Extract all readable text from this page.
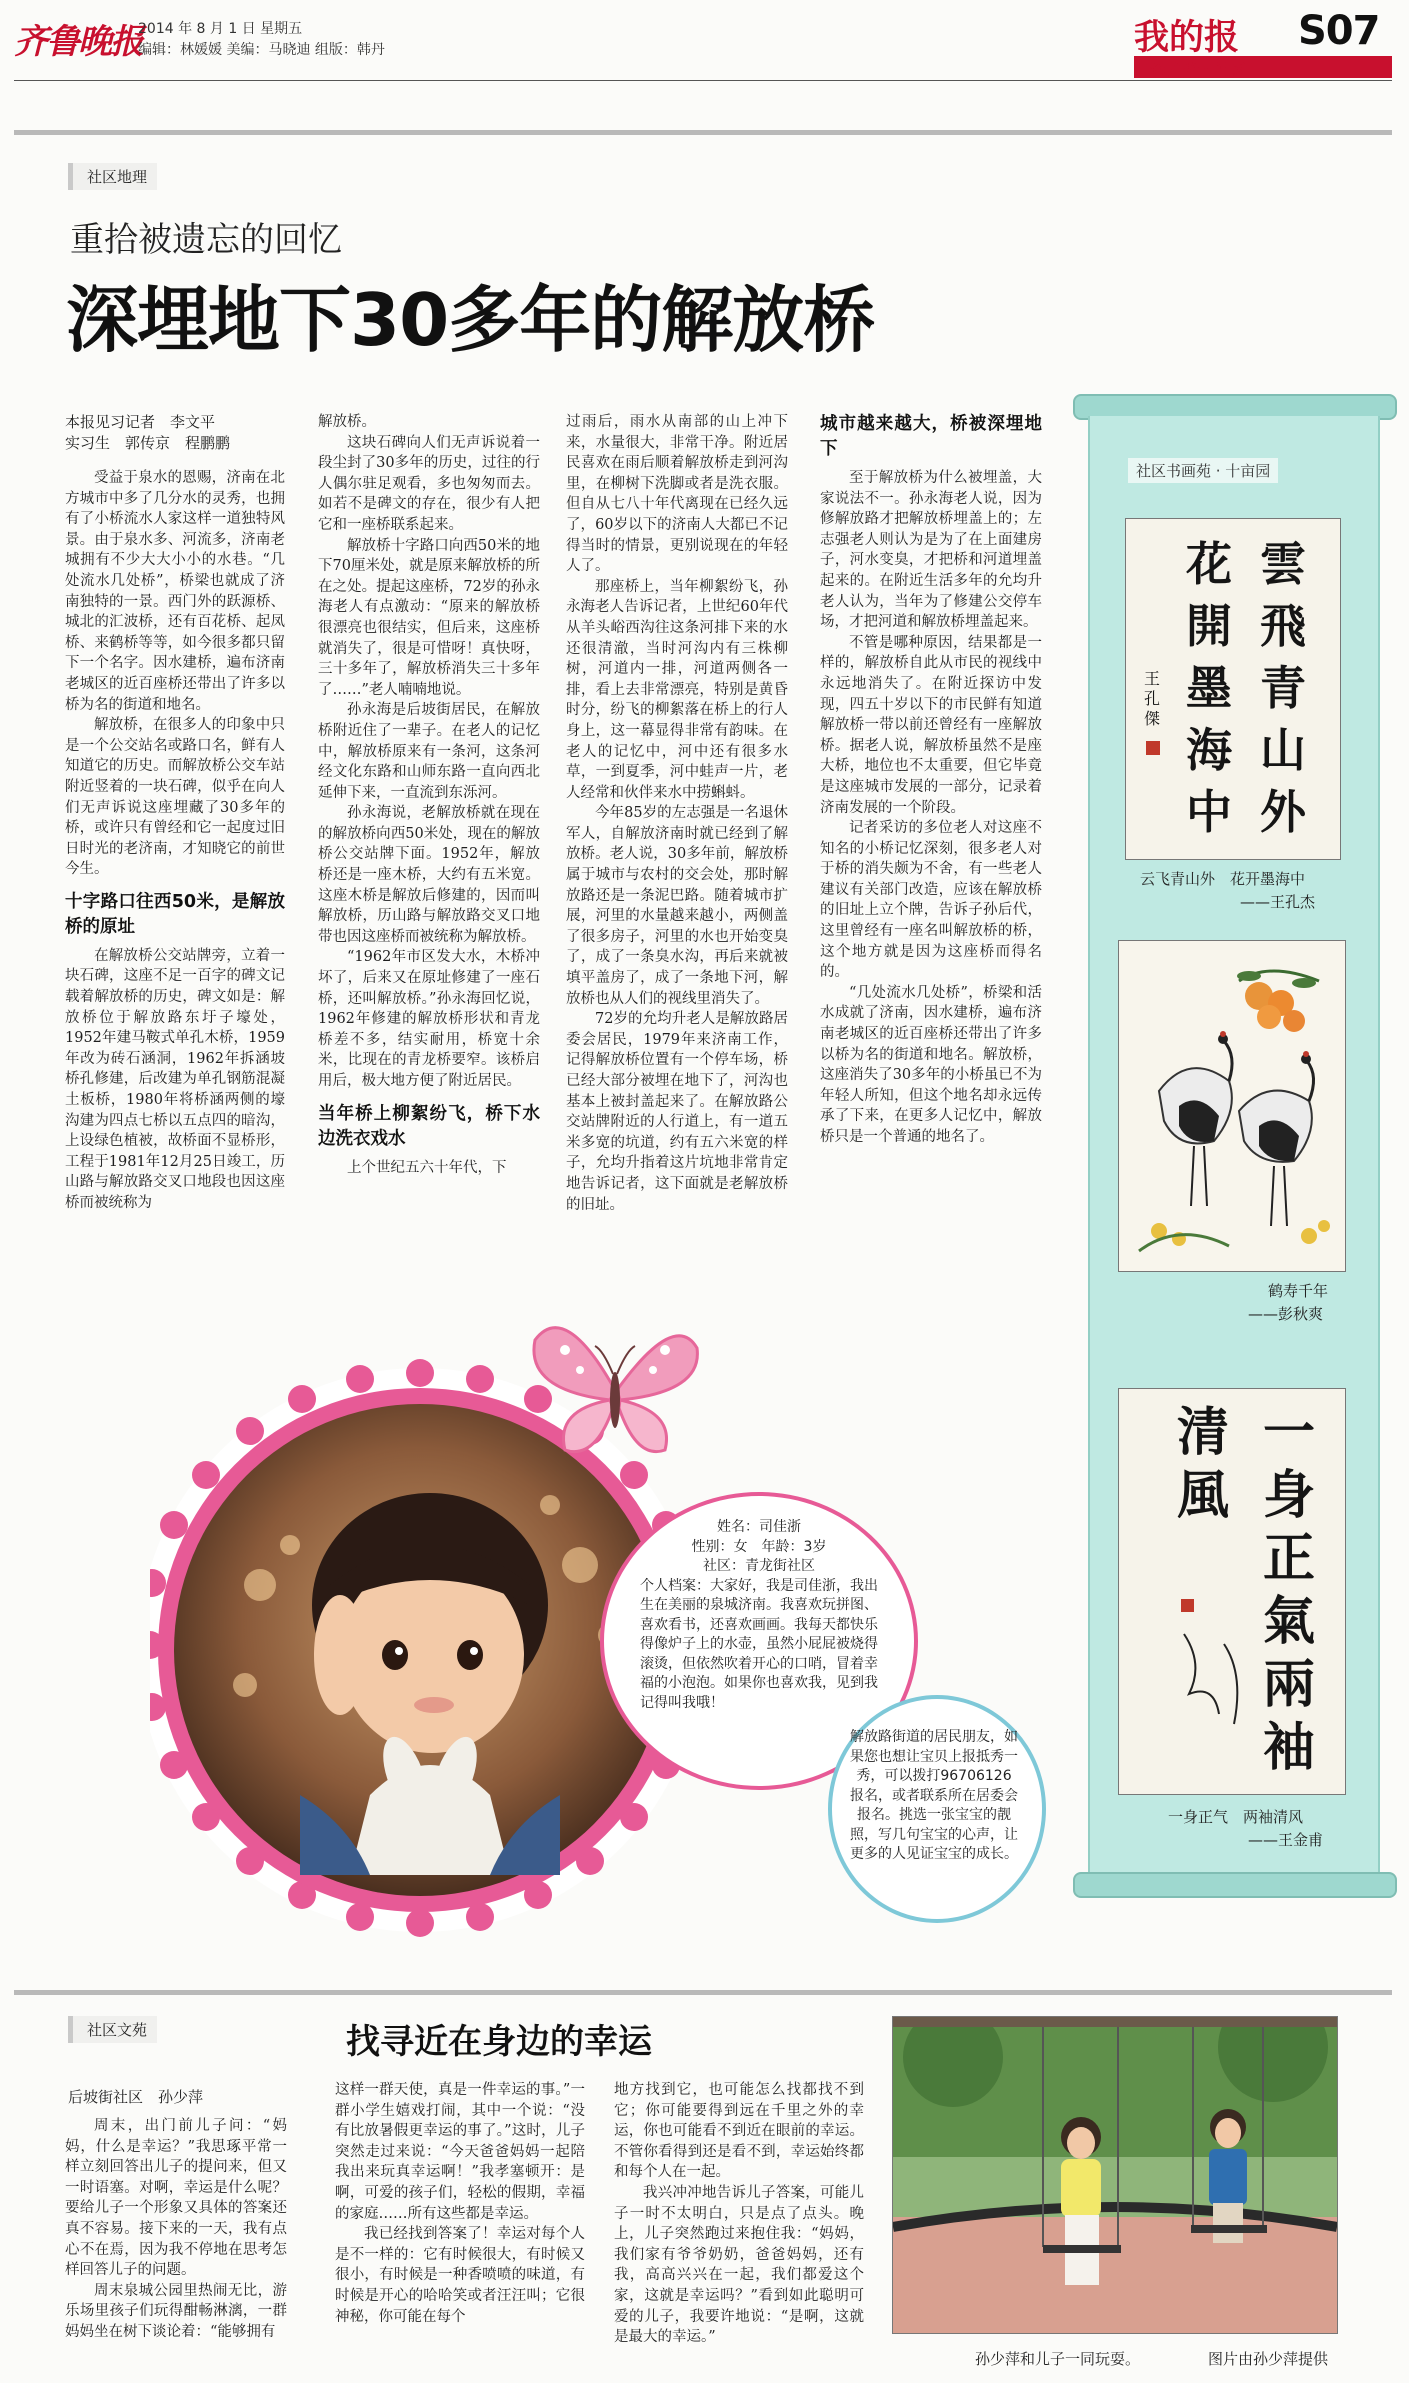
齐鲁晚报
2014 年 8 月 1 日 星期五
编辑：林媛媛 美编：马晓迪 组版：韩丹	我的报 S07
解放路大社区
社区地理
重拾被遗忘的回忆
深埋地下30多年的解放桥
本报见习记者　李文平
实习生　郭传京　程鹏鹏

受益于泉水的恩赐，济南在北方城市中多了几分水的灵秀，也拥有了小桥流水人家这样一道独特风景。由于泉水多、河流多，济南老城拥有不少大大小小的水巷。“几处流水几处桥”，桥梁也就成了济南独特的一景。西门外的跃源桥、城北的汇波桥，还有百花桥、起凤桥、来鹤桥等等，如今很多都只留下一个名字。因水建桥，遍布济南老城区的近百座桥还带出了许多以桥为名的街道和地名。

解放桥，在很多人的印象中只是一个公交站名或路口名，鲜有人知道它的历史。而解放桥公交车站附近竖着的一块石碑，似乎在向人们无声诉说这座埋藏了30多年的桥，或许只有曾经和它一起度过旧日时光的老济南，才知晓它的前世今生。

十字路口往西50米，是解放桥的原址

在解放桥公交站牌旁，立着一块石碑，这座不足一百字的碑文记载着解放桥的历史，碑文如是：解放桥位于解放路东圩子壕处，1952年建马鞍式单孔木桥，1959年改为砖石涵洞，1962年拆涵坡桥孔修建，后改建为单孔钢筋混凝土板桥，1980年将桥涵两侧的壕沟建为四点七桥以五点四的暗沟，上设绿色植被，故桥面不显桥形，工程于1981年12月25日竣工，历山路与解放路交叉口地段也因这座桥而被统称为

解放桥。

这块石碑向人们无声诉说着一段尘封了30多年的历史，过往的行人偶尔驻足观看，多也匆匆而去。如若不是碑文的存在，很少有人把它和一座桥联系起来。

解放桥十字路口向西50米的地下70厘米处，就是原来解放桥的所在之处。提起这座桥，72岁的孙永海老人有点激动：“原来的解放桥很漂亮也很结实，但后来，这座桥就消失了，很是可惜呀！真快呀，三十多年了，解放桥消失三十多年了……”老人喃喃地说。

孙永海是后坡街居民，在解放桥附近住了一辈子。在老人的记忆中，解放桥原来有一条河，这条河经文化东路和山师东路一直向西北延伸下来，一直流到东泺河。

孙永海说，老解放桥就在现在的解放桥向西50米处，现在的解放桥公交站牌下面。1952年，解放桥还是一座木桥，大约有五米宽。这座木桥是解放后修建的，因而叫解放桥，历山路与解放路交叉口地带也因这座桥而被统称为解放桥。

“1962年市区发大水，木桥冲坏了，后来又在原址修建了一座石桥，还叫解放桥。”孙永海回忆说，1962年修建的解放桥形状和青龙桥差不多，结实耐用，桥宽十余米，比现在的青龙桥要窄。该桥启用后，极大地方便了附近居民。

当年桥上柳絮纷飞，桥下水边洗衣戏水

上个世纪五六十年代，下

过雨后，雨水从南部的山上冲下来，水量很大，非常干净。附近居民喜欢在雨后顺着解放桥走到河沟里，在柳树下洗脚或者是洗衣服。但自从七八十年代离现在已经久远了，60岁以下的济南人大都已不记得当时的情景，更别说现在的年轻人了。

那座桥上，当年柳絮纷飞，孙永海老人告诉记者，上世纪60年代从羊头峪西沟往这条河排下来的水还很清澈，当时河沟内有三株柳树，河道内一排，河道两侧各一排，看上去非常漂亮，特别是黄昏时分，纷飞的柳絮落在桥上的行人身上，这一幕显得非常有韵味。在老人的记忆中，河中还有很多水草，一到夏季，河中蛙声一片，老人经常和伙伴来水中捞蝌蚪。

今年85岁的左志强是一名退休军人，自解放济南时就已经到了解放桥。老人说，30多年前，解放桥属于城市与农村的交会处，那时解放路还是一条泥巴路。随着城市扩展，河里的水量越来越小，两侧盖了很多房子，河里的水也开始变臭了，成了一条臭水沟，再后来就被填平盖房了，成了一条地下河，解放桥也从人们的视线里消失了。

72岁的允均升老人是解放路居委会居民，1979年来济南工作，记得解放桥位置有一个停车场，桥已经大部分被埋在地下了，河沟也基本上被封盖起来了。在解放路公交站牌附近的人行道上，有一道五米多宽的坑道，约有五六米宽的样子，允均升指着这片坑地非常肯定地告诉记者，这下面就是老解放桥的旧址。

城市越来越大，桥被深埋地下

至于解放桥为什么被埋盖，大家说法不一。孙永海老人说，因为修解放路才把解放桥埋盖上的；左志强老人则认为是为了在上面建房子，河水变臭，才把桥和河道埋盖起来的。在附近生活多年的允均升老人认为，当年为了修建公交停车场，才把河道和解放桥埋盖起来。

不管是哪种原因，结果都是一样的，解放桥自此从市民的视线中永远地消失了。在附近探访中发现，四五十岁以下的市民鲜有知道解放桥一带以前还曾经有一座解放桥。据老人说，解放桥虽然不是座大桥，地位也不太重要，但它毕竟是这座城市发展的一部分，记录着济南发展的一个阶段。

记者采访的多位老人对这座不知名的小桥记忆深刻，很多老人对于桥的消失颇为不舍，有一些老人建议有关部门改造，应该在解放桥的旧址上立个牌，告诉子孙后代，这里曾经有一座名叫解放桥的桥，这个地方就是因为这座桥而得名的。

“几处流水几处桥”，桥梁和活水成就了济南，因水建桥，遍布济南老城区的近百座桥还带出了许多以桥为名的街道和地名。解放桥，这座消失了30多年的小桥虽已不为年轻人所知，但这个地名却永远传承了下来，在更多人记忆中，解放桥只是一个普通的地名了。

社区书画苑 · 十亩园
雲飛青山外
花開墨海中
王孔傑
云飞青山外　花开墨海中
——王孔杰
鹤寿千年
——彭秋爽
一身正氣兩袖
清風
一身正气　两袖清风
——王金甫
姓名：司佳浙
性别：女　年龄：3岁
社区：青龙街社区
个人档案：大家好，我是司佳浙，我出生在美丽的泉城济南。我喜欢玩拼图、喜欢看书，还喜欢画画。我每天都快乐得像炉子上的水壶，虽然小屁屁被烧得滚烫，但依然吹着开心的口哨，冒着幸福的小泡泡。如果你也喜欢我，见到我记得叫我哦！
解放路街道的居民朋友，如果您也想让宝贝上报抵秀一秀，可以拨打96706126报名，或者联系所在居委会报名。挑选一张宝宝的靓照，写几句宝宝的心声，让更多的人见证宝宝的成长。
社区文苑	找寻近在身边的幸运
后坡街社区　孙少萍

周末，出门前儿子问：“妈妈，什么是幸运？”我思琢平常一样立刻回答出儿子的提问来，但又一时语塞。对啊，幸运是什么呢？要给儿子一个形象又具体的答案还真不容易。接下来的一天，我有点心不在焉，因为我不停地在思考怎样回答儿子的问题。

周末泉城公园里热闹无比，游乐场里孩子们玩得酣畅淋漓，一群妈妈坐在树下谈论着：“能够拥有

这样一群天使，真是一件幸运的事。”一群小学生嬉戏打闹，其中一个说：“没有比放暑假更幸运的事了。”这时，儿子突然走过来说：“今天爸爸妈妈一起陪我出来玩真幸运啊！”我孝塞顿开：是啊，可爱的孩子们，轻松的假期，幸福的家庭……所有这些都是幸运。

我已经找到答案了！幸运对每个人是不一样的：它有时候很大，有时候又很小，有时候是一种香喷喷的味道，有时候是开心的哈哈笑或者汪汪叫；它很神秘，你可能在每个

地方找到它，也可能怎么找都找不到它；你可能要得到远在千里之外的幸运，你也可能看不到近在眼前的幸运。不管你看得到还是看不到，幸运始终都和每个人在一起。

我兴冲冲地告诉儿子答案，可能儿子一时不太明白，只是点了点头。晚上，儿子突然跑过来抱住我：“妈妈，我们家有爷爷奶奶，爸爸妈妈，还有我，高高兴兴在一起，我们都爱这个家，这就是幸运吗？”看到如此聪明可爱的儿子，我要许地说：“是啊，这就是最大的幸运。”

孙少萍和儿子一同玩耍。	图片由孙少萍提供
